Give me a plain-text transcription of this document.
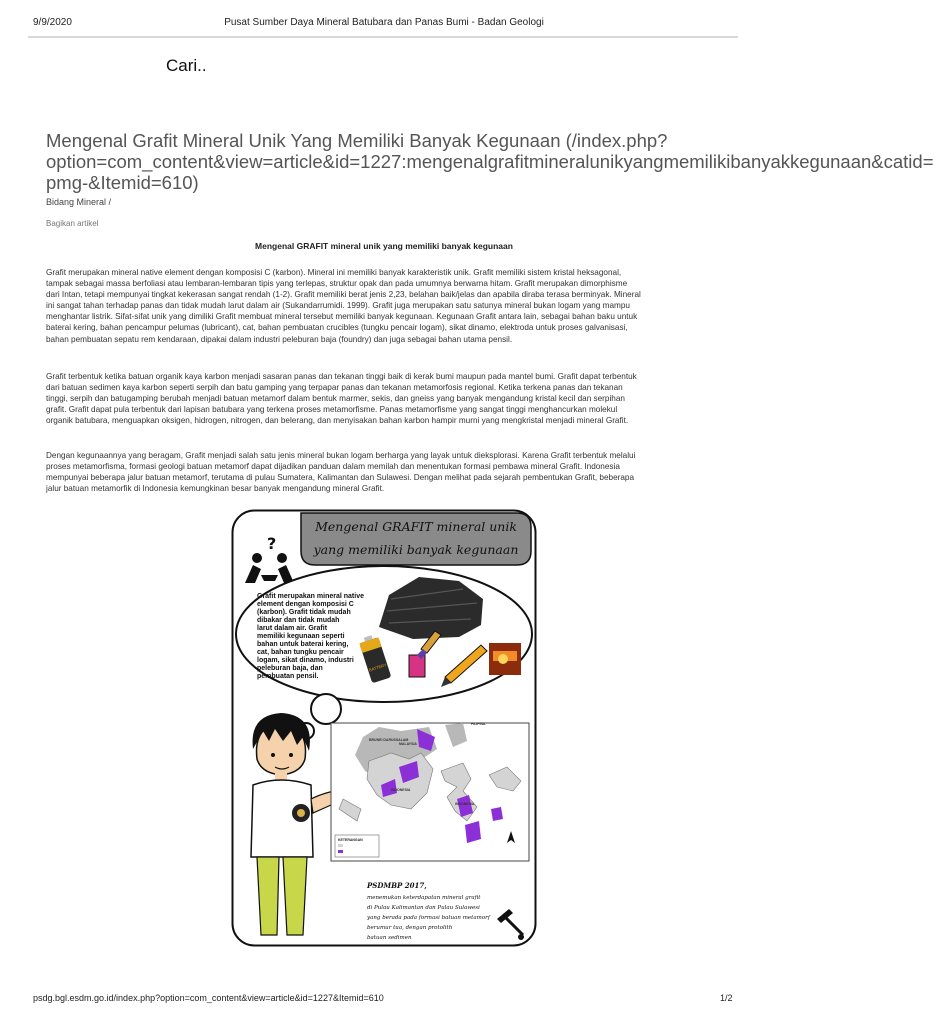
9/9/2020	Pusat Sumber Daya Mineral Batubara dan Panas Bumi - Badan Geologi
Cari..
Mengenal Grafit Mineral Unik Yang Memiliki Banyak Kegunaan (/index.php?
option=com_content&view=article&id=1227:mengenalgrafitmineralunikyangmemilikibanyakkegunaan&catid=
pmg-&Itemid=610)
Bidang Mineral /
Bagikan artikel
Mengenal GRAFIT mineral unik yang memiliki banyak kegunaan
Grafit merupakan mineral native element dengan komposisi C (karbon). Mineral ini memiliki banyak karakteristik unik. Grafit memiliki sistem kristal heksagonal,
tampak sebagai massa berfoliasi atau lembaran-lembaran tipis yang terlepas, struktur opak dan pada umumnya berwarna hitam. Grafit merupakan dimorphisme
dari Intan, tetapi mempunyai tingkat kekerasan sangat rendah (1-2). Grafit memiliki berat jenis 2,23, belahan baik/jelas dan apabila diraba terasa berminyak. Mineral
ini sangat tahan terhadap panas dan tidak mudah larut dalam air (Sukandarrumidi. 1999). Grafit juga merupakan satu satunya mineral bukan logam yang mampu
menghantar listrik. Sifat-sifat unik yang dimiliki Grafit membuat mineral tersebut memiliki banyak kegunaan. Kegunaan Grafit antara lain, sebagai bahan baku untuk
baterai kering, bahan pencampur pelumas (lubricant), cat, bahan pembuatan crucibles (tungku pencair logam), sikat dinamo, elektroda untuk proses galvanisasi,
bahan pembuatan sepatu rem kendaraan, dipakai dalam industri peleburan baja (foundry) dan juga sebagai bahan utama pensil.
Grafit terbentuk ketika batuan organik kaya karbon menjadi sasaran panas dan tekanan tinggi baik di kerak bumi maupun pada mantel bumi. Grafit dapat terbentuk
dari batuan sedimen kaya karbon seperti serpih dan batu gamping yang terpapar panas dan tekanan metamorfosis regional. Ketika terkena panas dan tekanan
tinggi, serpih dan batugamping berubah menjadi batuan metamorf dalam bentuk marmer, sekis, dan gneiss yang banyak mengandung kristal kecil dan serpihan
grafit. Grafit dapat pula terbentuk dari lapisan batubara yang terkena proses metamorfisme. Panas metamorfisme yang sangat tinggi menghancurkan molekul
organik batubara, menguapkan oksigen, hidrogen, nitrogen, dan belerang, dan menyisakan bahan karbon hampir murni yang mengkristal menjadi mineral Grafit.
Dengan kegunaannya yang beragam, Grafit menjadi salah satu jenis mineral bukan logam berharga yang layak untuk dieksplorasi. Karena Grafit terbentuk melalui
proses metamorfisma, formasi geologi batuan metamorf dapat dijadikan panduan dalam memilah dan menentukan formasi pembawa mineral Grafit. Indonesia
mempunyai beberapa jalur batuan metamorf, terutama di pulau Sumatera, Kalimantan dan Sulawesi. Dengan melihat pada sejarah pembentukan Grafit, beberapa
jalur batuan metamorfik di Indonesia kemungkinan besar banyak mengandung mineral Grafit.
Mengenal GRAFIT mineral unik
yang memiliki banyak kegunaan
?
Grafit merupakan mineral native
element dengan komposisi C
(karbon). Grafit tidak mudah
dibakar dan tidak mudah
larut dalam air. Grafit
memiliki kegunaan seperti
bahan untuk baterai kering,
cat, bahan tungku pencair
logam, sikat dinamo, industri
peleburan baja, dan
pembuatan pensil.
BATTERY
BRUNEI DARUSSALAM
MALAYSIA
FILIPINA
INDONESIA
INDONESIA
KETERANGAN
PSDMBP 2017,
menemukan keterdapatan mineral grafit
di Pulau Kalimantan dan Pulau Sulawesi
yang berada pada formasi batuan metamorf
berumur tua, dengan protolith
batuan sedimen
psdg.bgl.esdm.go.id/index.php?option=com_content&view=article&id=1227&Itemid=610	1/2
